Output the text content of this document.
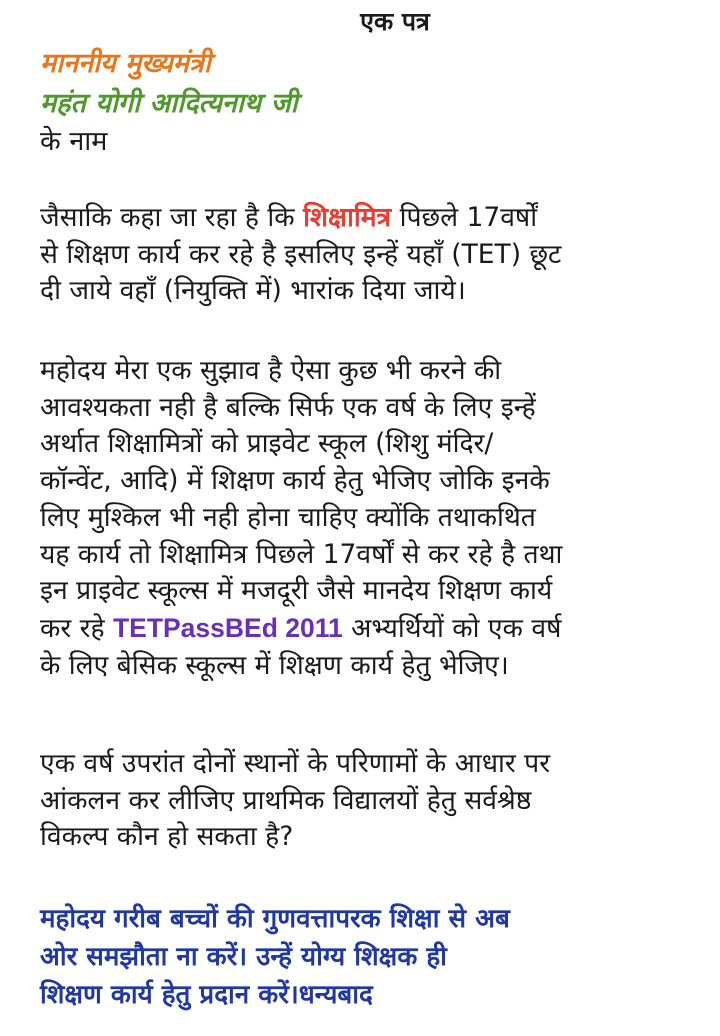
एक पत्र
माननीय मुख्यमंत्री
महंत योगी आदित्यनाथ जी
के नाम
जैसाकि कहा जा रहा है कि शिक्षामित्र पिछले 17वर्षों
से शिक्षण कार्य कर रहे है इसलिए इन्हें यहाँ (TET) छूट
दी जाये वहाँ (नियुक्ति में) भारांक दिया जाये।
महोदय मेरा एक सुझाव है ऐसा कुछ भी करने की
आवश्यकता नही है बल्कि सिर्फ एक वर्ष के लिए इन्हें
अर्थात शिक्षामित्रों को प्राइवेट स्कूल (शिशु मंदिर/
कॉन्वेंट, आदि) में शिक्षण कार्य हेतु भेजिए जोकि इनके
लिए मुश्किल भी नही होना चाहिए क्योंकि तथाकथित
यह कार्य तो शिक्षामित्र पिछले 17वर्षों से कर रहे है तथा
इन प्राइवेट स्कूल्स में मजदूरी जैसे मानदेय शिक्षण कार्य
कर रहे TETPassBEd 2011 अभ्यर्थियों को एक वर्ष
के लिए बेसिक स्कूल्स में शिक्षण कार्य हेतु भेजिए।
एक वर्ष उपरांत दोनों स्थानों के परिणामों के आधार पर
आंकलन कर लीजिए प्राथमिक विद्यालयों हेतु सर्वश्रेष्ठ
विकल्प कौन हो सकता है?
महोदय गरीब बच्चों की गुणवत्तापरक शिक्षा से अब
ओर समझौता ना करें। उन्हें योग्य शिक्षक ही
शिक्षण कार्य हेतु प्रदान करें।धन्यबाद
